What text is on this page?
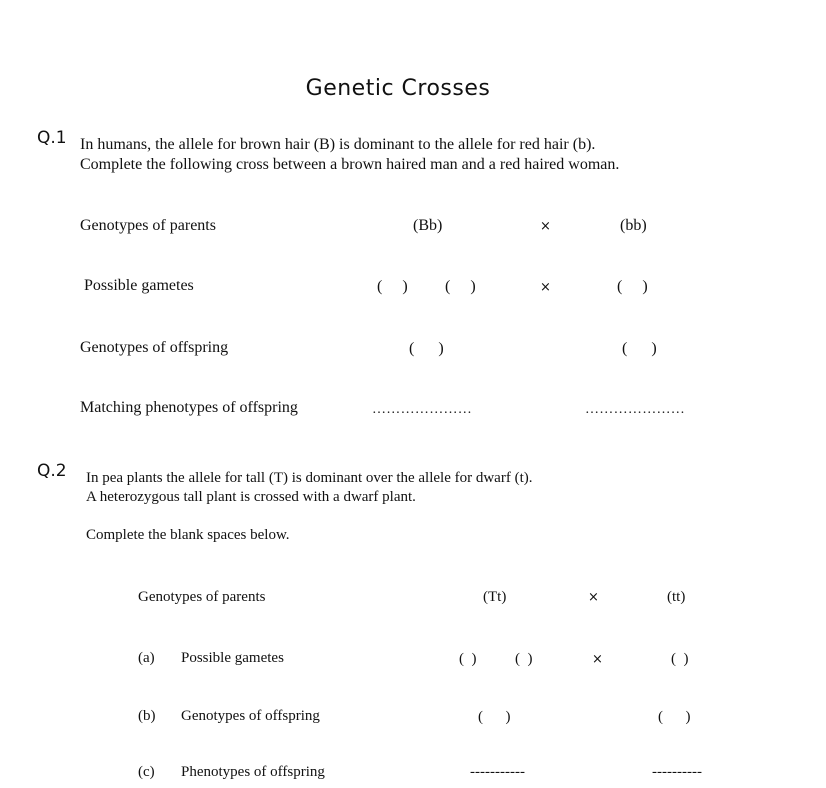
Genetic Crosses
Q.1 In humans, the allele for brown hair (B) is dominant to the allele for red hair (b).
Complete the following cross between a brown haired man and a red haired woman.
Genotypes of parents	(Bb)	×	(bb)
Possible gametes	(     ) (     )	×	(     )
Genotypes of offspring	(      )	(      )
Matching phenotypes of offspring	…………………	…………………
Q.2 In pea plants the allele for tall (T) is dominant over the allele for dwarf (t).
A heterozygous tall plant is crossed with a dwarf plant.
Complete the blank spaces below.
Genotypes of parents	(Tt)	×	(tt)
(a) Possible gametes	(  )	(  )	×	(  )
(b) Genotypes of offspring	(      )	(      )
(c) Phenotypes of offspring	-----------	----------
